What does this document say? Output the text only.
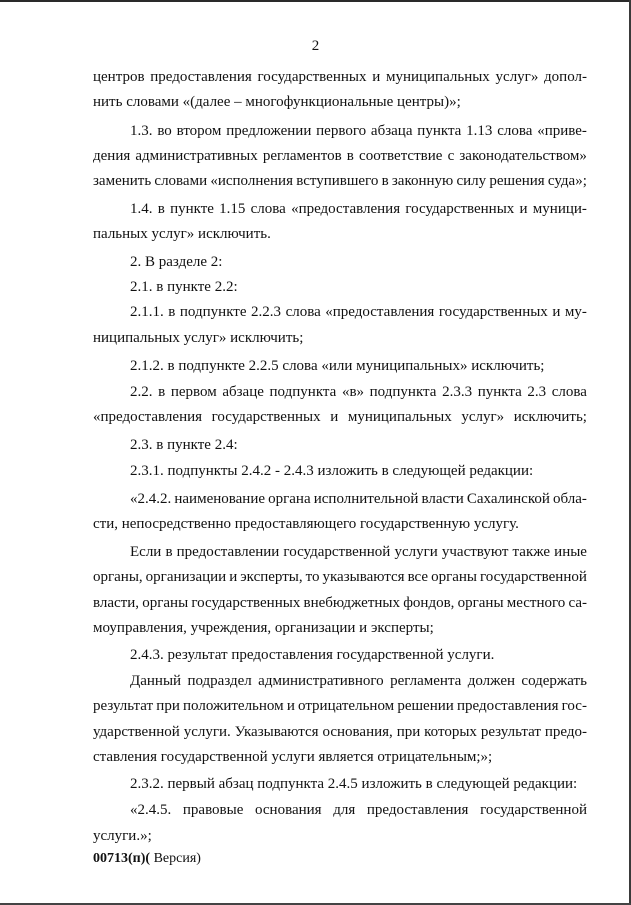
2
центров предоставления государственных и муниципальных услуг» допол-
нить словами «(далее – многофункциональные центры)»;
1.3. во втором предложении первого абзаца пункта 1.13 слова «приве-
дения административных регламентов в соответствие с законодательством»
заменить словами «исполнения вступившего в законную силу решения суда»;
1.4. в пункте 1.15 слова «предоставления государственных и муници-
пальных услуг» исключить.
2. В разделе 2:
2.1. в пункте 2.2:
2.1.1. в подпункте 2.2.3 слова «предоставления государственных и му-
ниципальных услуг» исключить;
2.1.2. в подпункте 2.2.5 слова «или муниципальных» исключить;
2.2. в первом абзаце подпункта «в» подпункта 2.3.3 пункта 2.3 слова
«предоставления государственных и муниципальных услуг» исключить;
2.3. в пункте 2.4:
2.3.1. подпункты 2.4.2 - 2.4.3 изложить в следующей редакции:
«2.4.2. наименование органа исполнительной власти Сахалинской обла-
сти, непосредственно предоставляющего государственную услугу.
Если в предоставлении государственной услуги участвуют также иные
органы, организации и эксперты, то указываются все органы государственной
власти, органы государственных внебюджетных фондов, органы местного са-
моуправления, учреждения, организации и эксперты;
2.4.3. результат предоставления государственной услуги.
Данный подраздел административного регламента должен содержать
результат при положительном и отрицательном решении предоставления гос-
ударственной услуги. Указываются основания, при которых результат предо-
ставления государственной услуги является отрицательным;»;
2.3.2. первый абзац подпункта 2.4.5 изложить в следующей редакции:
«2.4.5. правовые основания для предоставления государственной
услуги.»;
00713(п)( Версия)
